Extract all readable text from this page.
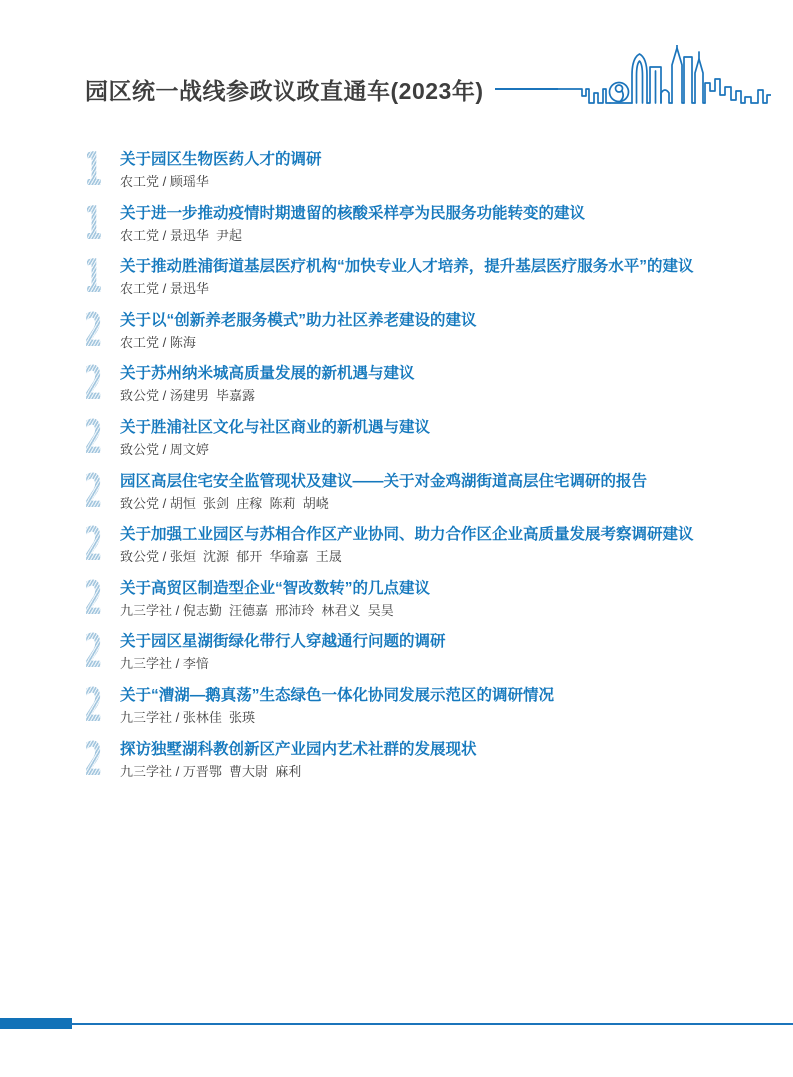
园区统一战线参政议政直通车(2023年)
17 关于园区生物医药人才的调研
农工党 / 顾瑶华
18 关于进一步推动疫情时期遗留的核酸采样亭为民服务功能转变的建议
农工党 / 景迅华  尹起
19 关于推动胜浦街道基层医疗机构“加快专业人才培养，提升基层医疗服务水平”的建议
农工党 / 景迅华
20 关于以“创新养老服务模式”助力社区养老建设的建议
农工党 / 陈海
21 关于苏州纳米城高质量发展的新机遇与建议
致公党 / 汤建男  毕嘉露
22 关于胜浦社区文化与社区商业的新机遇与建议
致公党 / 周文婷
23 园区高层住宅安全监管现状及建议——关于对金鸡湖街道高层住宅调研的报告
致公党 / 胡恒  张剑  庄稼  陈莉  胡峣
24 关于加强工业园区与苏相合作区产业协同、助力合作区企业高质量发展考察调研建议
致公党 / 张烜  沈源  郁开  华瑜嘉  王晟
25 关于高贸区制造型企业“智改数转”的几点建议
九三学社 / 倪志勤  汪德嘉  邢沛玲  林君义  吴昊
26 关于园区星湖街绿化带行人穿越通行问题的调研
九三学社 / 李愔
27 关于“漕湖—鹅真荡”生态绿色一体化协同发展示范区的调研情况
九三学社 / 张林佳  张瑛
28 探访独墅湖科教创新区产业园内艺术社群的发展现状
九三学社 / 万晋鄂  曹大尉  麻利
